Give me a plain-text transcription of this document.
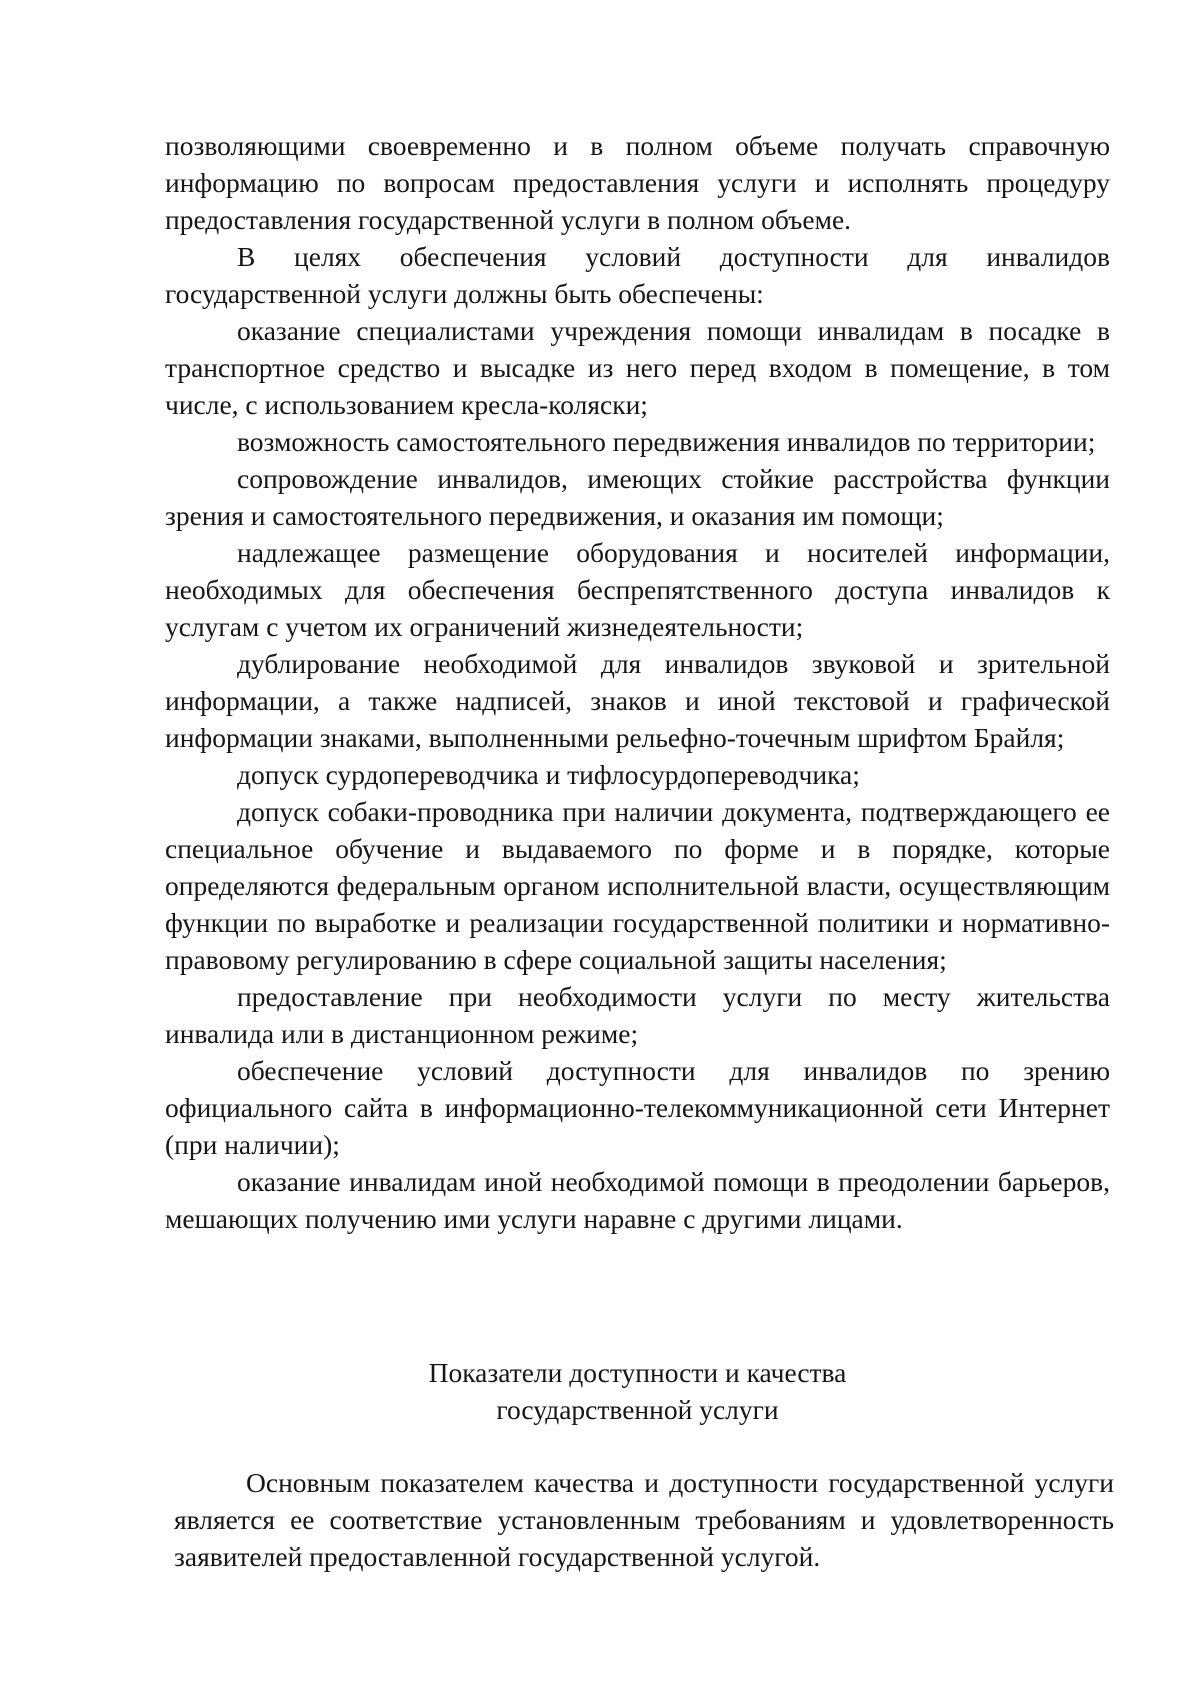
позволяющими своевременно и в полном объеме получать справочную информацию по вопросам предоставления услуги и исполнять процедуру предоставления государственной услуги в полном объеме.

В целях обеспечения условий доступности для инвалидов государственной услуги должны быть обеспечены:

оказание специалистами учреждения помощи инвалидам в посадке в транспортное средство и высадке из него перед входом в помещение, в том числе, с использованием кресла-коляски;

возможность самостоятельного передвижения инвалидов по территории;

сопровождение инвалидов, имеющих стойкие расстройства функции зрения и самостоятельного передвижения, и оказания им помощи;

надлежащее размещение оборудования и носителей информации, необходимых для обеспечения беспрепятственного доступа инвалидов к услугам с учетом их ограничений жизнедеятельности;

дублирование необходимой для инвалидов звуковой и зрительной информации, а также надписей, знаков и иной текстовой и графической информации знаками, выполненными рельефно-точечным шрифтом Брайля;

допуск сурдопереводчика и тифлосурдопереводчика;

допуск собаки-проводника при наличии документа, подтверждающего ее специальное обучение и выдаваемого по форме и в порядке, которые определяются федеральным органом исполнительной власти, осуществляющим функции по выработке и реализации государственной политики и нормативно-правовому регулированию в сфере социальной защиты населения;

предоставление при необходимости услуги по месту жительства инвалида или в дистанционном режиме;

обеспечение условий доступности для инвалидов по зрению официального сайта в информационно-телекоммуникационной сети Интернет (при наличии);

оказание инвалидам иной необходимой помощи в преодолении барьеров, мешающих получению ими услуги наравне с другими лицами.

Показатели доступности и качества
государственной услуги

Основным показателем качества и доступности государственной услуги является ее соответствие установленным требованиям и удовлетворенность заявителей предоставленной государственной услугой.
